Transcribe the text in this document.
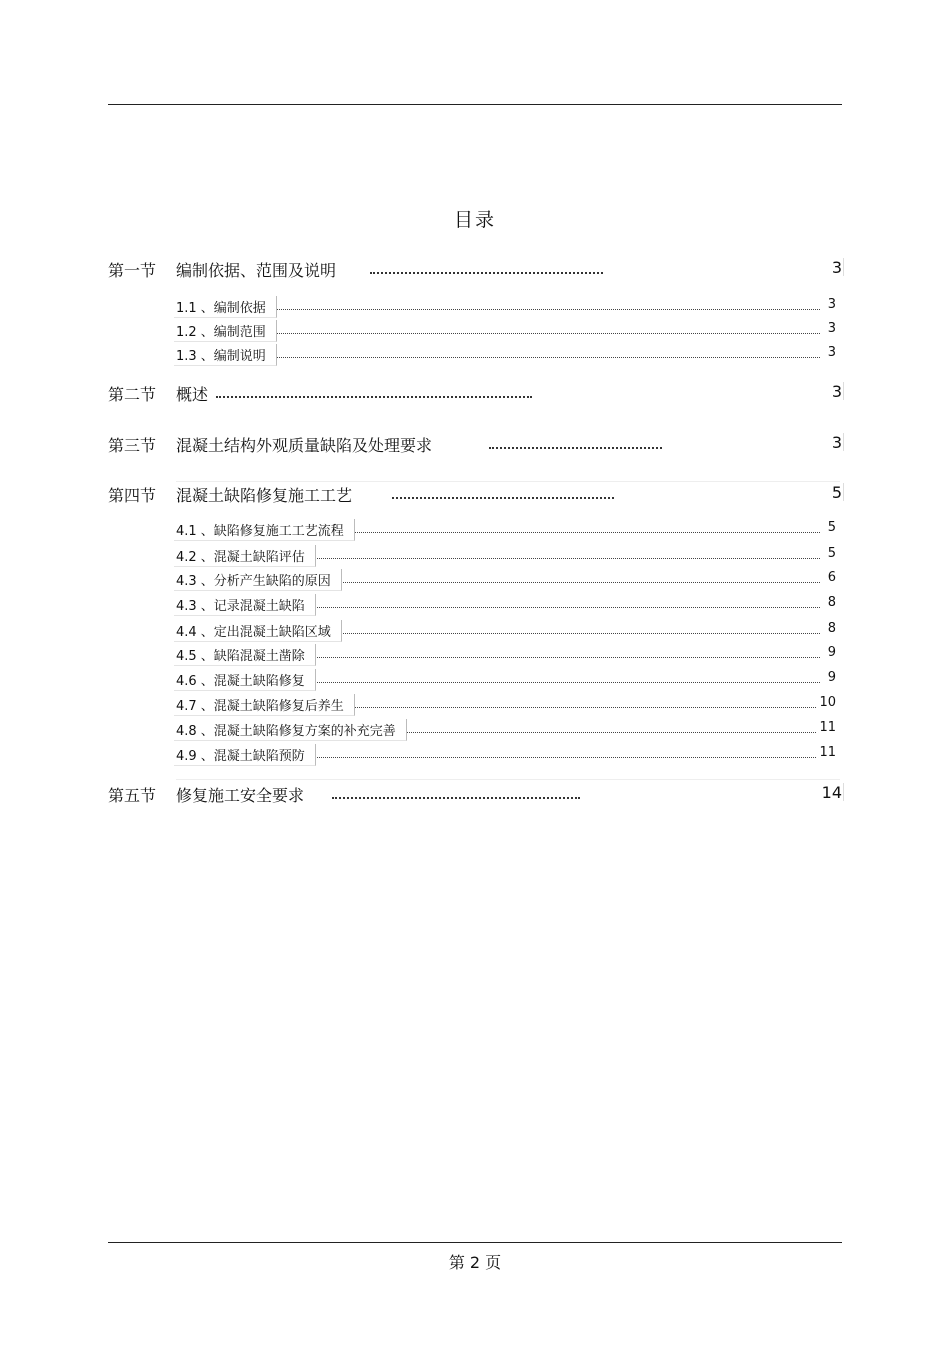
目录
第一节 编制依据、范围及说明	3
1.1 、编制依据	3
1.2 、编制范围	3
1.3 、编制说明	3
第二节 概述	3
第三节 混凝土结构外观质量缺陷及处理要求	3
第四节 混凝土缺陷修复施工工艺	5
4.1 、缺陷修复施工工艺流程	5
4.2 、混凝土缺陷评估	5
4.3 、分析产生缺陷的原因	6
4.3 、记录混凝土缺陷	8
4.4 、定出混凝土缺陷区域	8
4.5 、缺陷混凝土凿除	9
4.6 、混凝土缺陷修复	9
4.7 、混凝土缺陷修复后养生	10
4.8 、混凝土缺陷修复方案的补充完善	11
4.9 、混凝土缺陷预防	11
第五节 修复施工安全要求	14
第 2 页
